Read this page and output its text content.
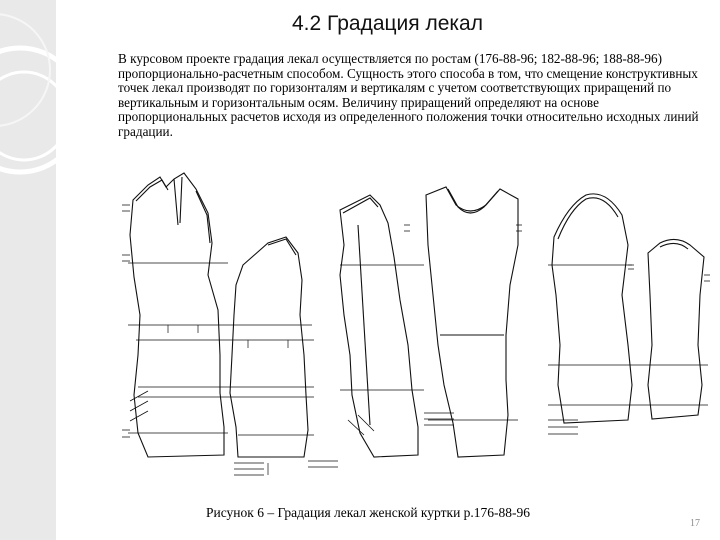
4.2 Градация лекал
В курсовом проекте градация лекал осуществляется по ростам (176-88-96; 182-88-96; 188-88-96) пропорционально-расчетным способом. Сущность этого способа в том, что смещение конструктивных точек лекал производят по горизонталям и вертикалям с учетом соответствующих приращений по вертикальным и горизонтальным осям. Величину приращений определяют на основе пропорциональных расчетов исходя из определенного положения точки относительно исходных линий градации.
Рисунок 6 – Градация лекал женской куртки р.176-88-96
17
